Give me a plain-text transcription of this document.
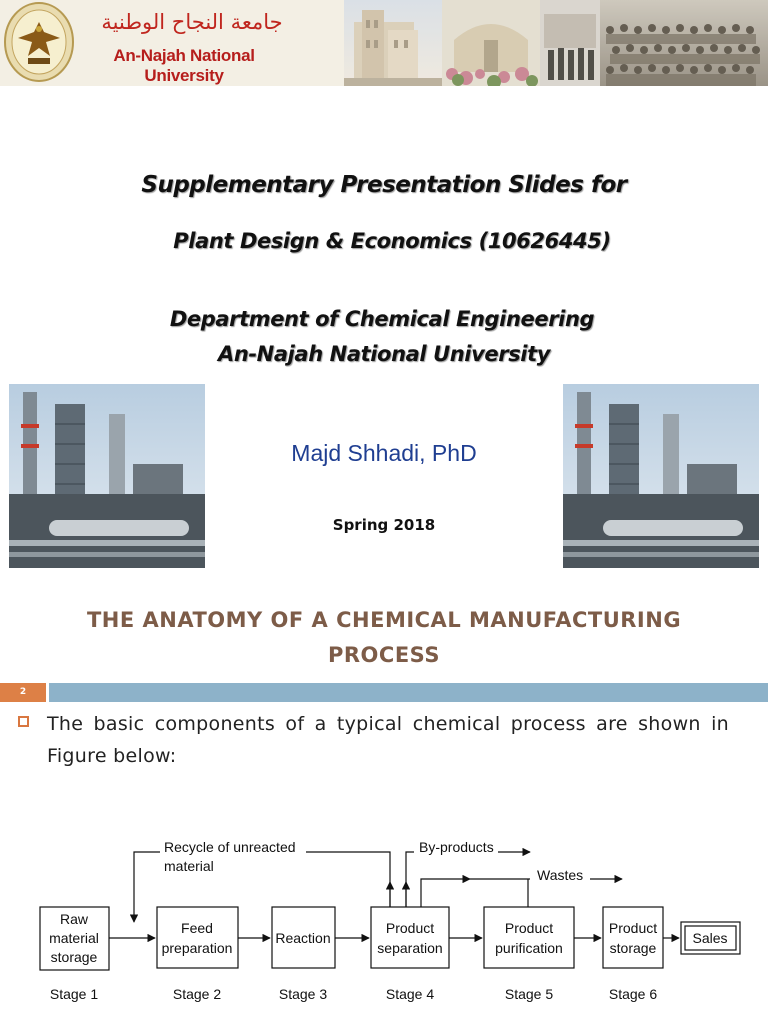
جامعة النجاح الوطنية
An-Najah National University
Supplementary Presentation Slides for
Plant Design & Economics (10626445)
Department of Chemical Engineering
An-Najah National University
Majd Shhadi, PhD
Spring 2018
THE ANATOMY OF A CHEMICAL MANUFACTURING
PROCESS
2
The basic components of a typical chemical process are shown in Figure below:
Recycle of unreacted
material
By-products
Wastes
Raw
material
storage
Feed
preparation
Reaction
Product
separation
Product
purification
Product
storage
Sales
Stage 1	Stage 2	Stage 3	Stage 4	Stage 5	Stage 6
